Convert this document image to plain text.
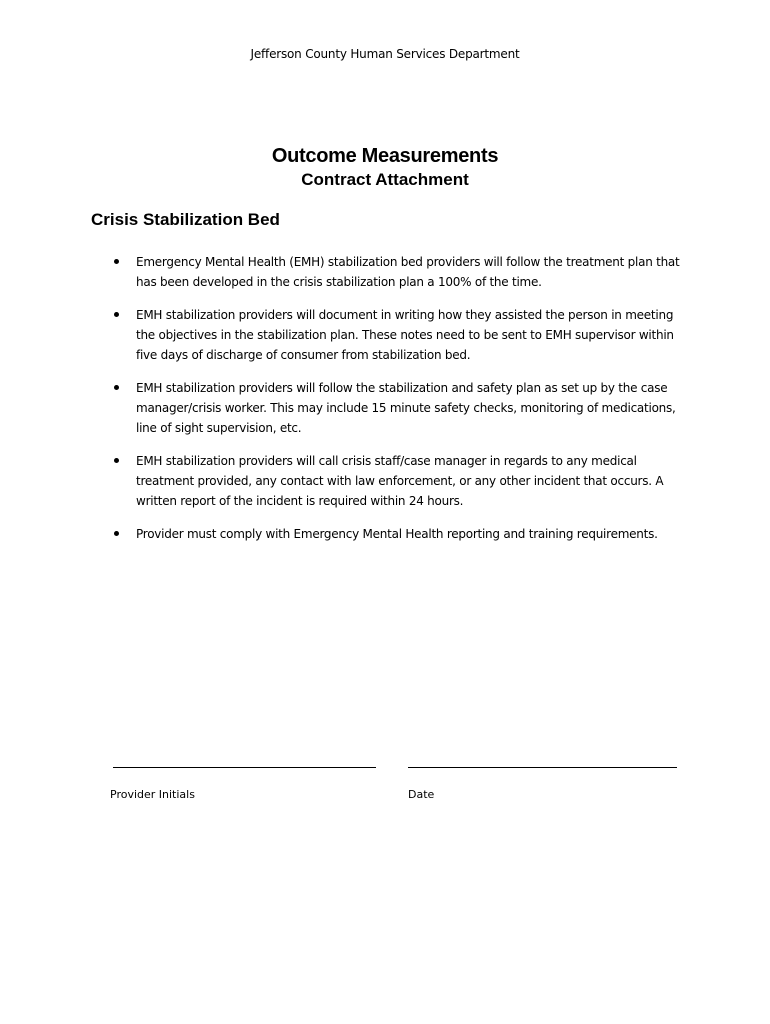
Jefferson County Human Services Department
Outcome Measurements
Contract Attachment
Crisis Stabilization Bed
Emergency Mental Health (EMH) stabilization bed providers will follow the treatment plan that has been developed in the crisis stabilization plan a 100% of the time.
EMH stabilization providers will document in writing how they assisted the person in meeting the objectives in the stabilization plan. These notes need to be sent to EMH supervisor within five days of discharge of consumer from stabilization bed.
EMH stabilization providers will follow the stabilization and safety plan as set up by the case manager/crisis worker. This may include 15 minute safety checks, monitoring of medications, line of sight supervision, etc.
EMH stabilization providers will call crisis staff/case manager in regards to any medical treatment provided, any contact with law enforcement, or any other incident that occurs. A written report of the incident is required within 24 hours.
Provider must comply with Emergency Mental Health reporting and training requirements.
Provider Initials	Date
